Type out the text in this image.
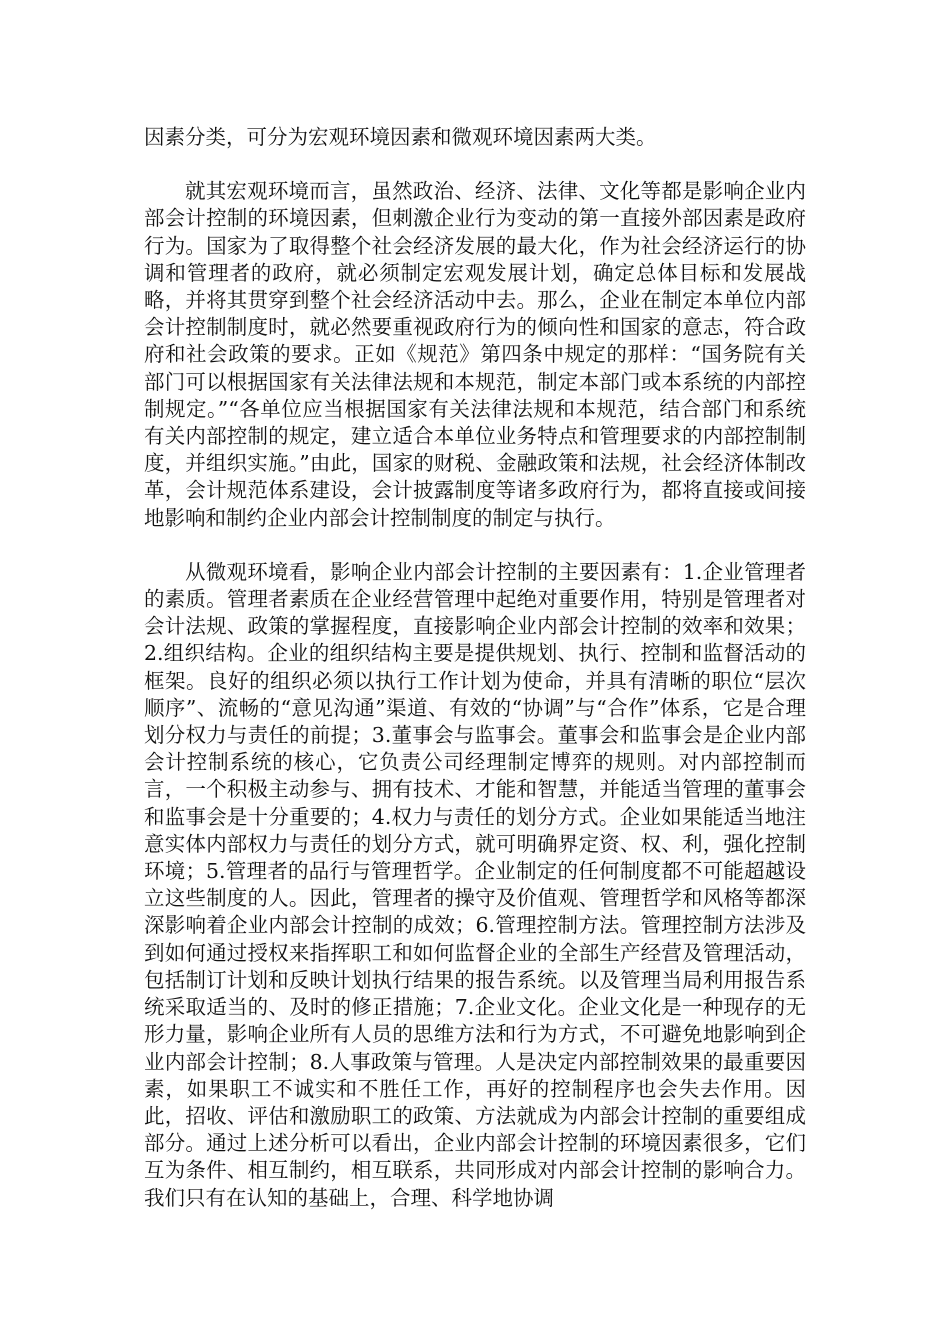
因素分类，可分为宏观环境因素和微观环境因素两大类。

就其宏观环境而言，虽然政治、经济、法律、文化等都是影响企业内部会计控制的环境因素，但刺激企业行为变动的第一直接外部因素是政府行为。国家为了取得整个社会经济发展的最大化，作为社会经济运行的协调和管理者的政府，就必须制定宏观发展计划，确定总体目标和发展战略，并将其贯穿到整个社会经济活动中去。那么，企业在制定本单位内部会计控制制度时，就必然要重视政府行为的倾向性和国家的意志，符合政府和社会政策的要求。正如《规范》第四条中规定的那样：“国务院有关部门可以根据国家有关法律法规和本规范，制定本部门或本系统的内部控制规定。”“各单位应当根据国家有关法律法规和本规范，结合部门和系统有关内部控制的规定，建立适合本单位业务特点和管理要求的内部控制制度，并组织实施。”由此，国家的财税、金融政策和法规，社会经济体制改革，会计规范体系建设，会计披露制度等诸多政府行为，都将直接或间接地影响和制约企业内部会计控制制度的制定与执行。

从微观环境看，影响企业内部会计控制的主要因素有：1.企业管理者的素质。管理者素质在企业经营管理中起绝对重要作用，特别是管理者对会计法规、政策的掌握程度，直接影响企业内部会计控制的效率和效果；2.组织结构。企业的组织结构主要是提供规划、执行、控制和监督活动的框架。良好的组织必须以执行工作计划为使命，并具有清晰的职位“层次顺序”、流畅的“意见沟通”渠道、有效的“协调”与“合作”体系，它是合理划分权力与责任的前提；3.董事会与监事会。董事会和监事会是企业内部会计控制系统的核心，它负责公司经理制定博弈的规则。对内部控制而言，一个积极主动参与、拥有技术、才能和智慧，并能适当管理的董事会和监事会是十分重要的；4.权力与责任的划分方式。企业如果能适当地注意实体内部权力与责任的划分方式，就可明确界定资、权、利，强化控制环境；5.管理者的品行与管理哲学。企业制定的任何制度都不可能超越设立这些制度的人。因此，管理者的操守及价值观、管理哲学和风格等都深深影响着企业内部会计控制的成效；6.管理控制方法。管理控制方法涉及到如何通过授权来指挥职工和如何监督企业的全部生产经营及管理活动，包括制订计划和反映计划执行结果的报告系统。以及管理当局利用报告系统采取适当的、及时的修正措施；7.企业文化。企业文化是一种现存的无形力量，影响企业所有人员的思维方法和行为方式，不可避免地影响到企业内部会计控制；8.人事政策与管理。人是决定内部控制效果的最重要因素，如果职工不诚实和不胜任工作，再好的控制程序也会失去作用。因此，招收、评估和激励职工的政策、方法就成为内部会计控制的重要组成部分。通过上述分析可以看出，企业内部会计控制的环境因素很多，它们互为条件、相互制约，相互联系，共同形成对内部会计控制的影响合力。我们只有在认知的基础上，合理、科学地协调
